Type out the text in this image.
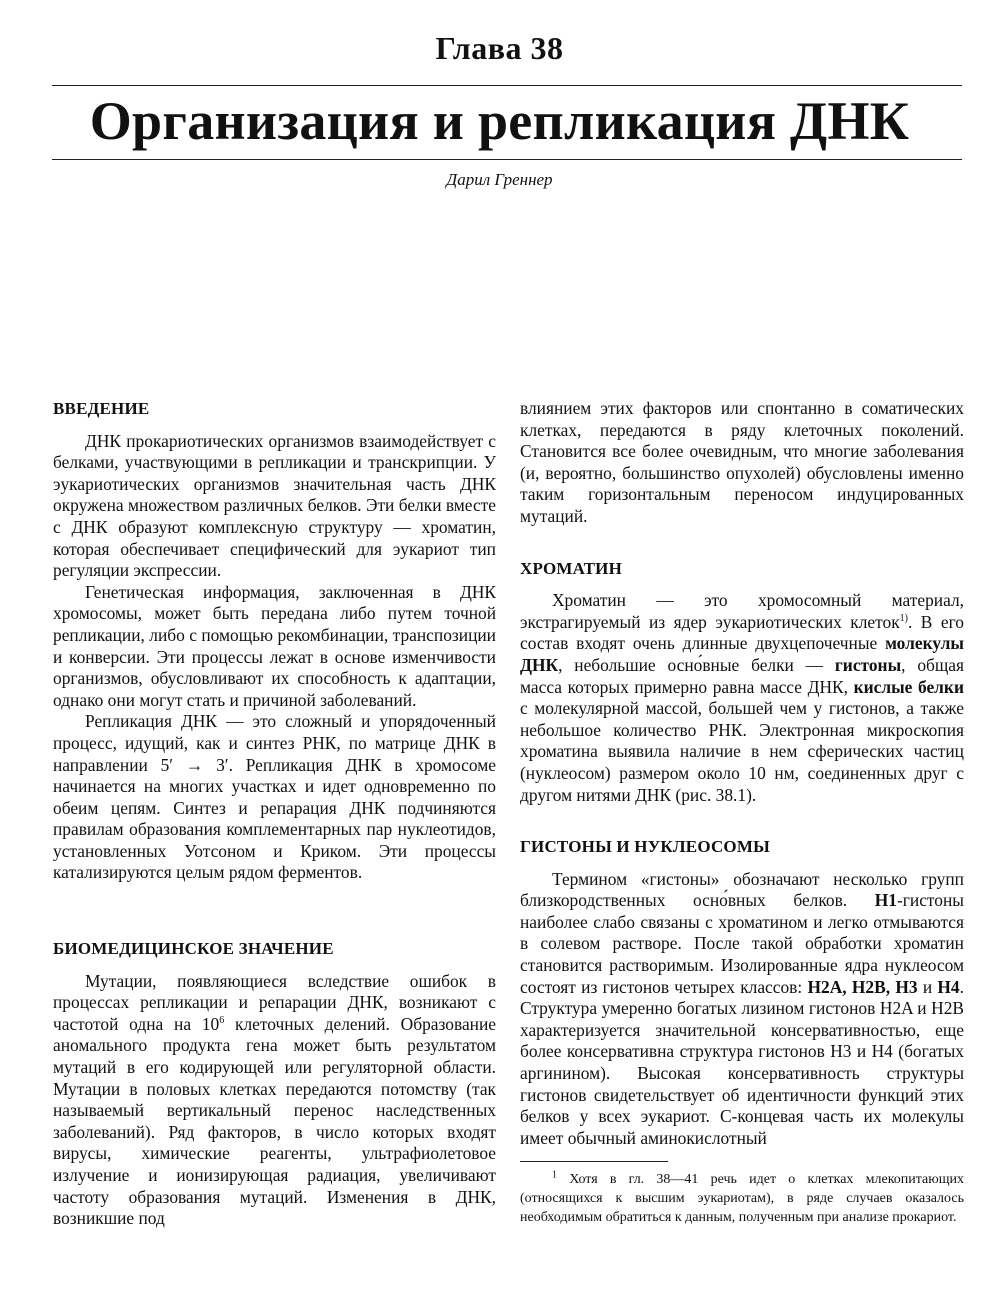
Глава 38
Организация и репликация ДНК
Дарил Греннер
ВВЕДЕНИЕ

ДНК прокариотических организмов взаимодействует с белками, участвующими в репликации и транскрипции. У эукариотических организмов значительная часть ДНК окружена множеством различных белков. Эти белки вместе с ДНК образуют комплексную структуру — хроматин, которая обеспечивает специфический для эукариот тип регуляции экспрессии.

Генетическая информация, заключенная в ДНК хромосомы, может быть передана либо путем точной репликации, либо с помощью рекомбинации, транспозиции и конверсии. Эти процессы лежат в основе изменчивости организмов, обусловливают их способность к адаптации, однако они могут стать и причиной заболеваний.

Репликация ДНК — это сложный и упорядоченный процесс, идущий, как и синтез РНК, по матрице ДНК в направлении 5′ → 3′. Репликация ДНК в хромосоме начинается на многих участках и идет одновременно по обеим цепям. Синтез и репарация ДНК подчиняются правилам образования комплементарных пар нуклеотидов, установленных Уотсоном и Криком. Эти процессы катализируются целым рядом ферментов.

БИОМЕДИЦИНСКОЕ ЗНАЧЕНИЕ

Мутации, появляющиеся вследствие ошибок в процессах репликации и репарации ДНК, возникают с частотой одна на $10^6$ клеточных делений. Образование аномального продукта гена может быть результатом мутаций в его кодирующей или регуляторной области. Мутации в половых клетках передаются потомству (так называемый вертикальный перенос наследственных заболеваний). Ряд факторов, в число которых входят вирусы, химические реагенты, ультрафиолетовое излучение и ионизирующая радиация, увеличивают частоту образования мутаций. Изменения в ДНК, возникшие под

влиянием этих факторов или спонтанно в соматических клетках, передаются в ряду клеточных поколений. Становится все более очевидным, что многие заболевания (и, вероятно, большинство опухолей) обусловлены именно таким горизонтальным переносом индуцированных мутаций.

ХРОМАТИН

Хроматин — это хромосомный материал, экстрагируемый из ядер эукариотических клеток$^{1)}$. В его состав входят очень длинные двухцепочечные молекулы ДНК, небольшие осно́вные белки — гистоны, общая масса которых примерно равна массе ДНК, кислые белки с молекулярной массой, большей чем у гистонов, а также небольшое количество РНК. Электронная микроскопия хроматина выявила наличие в нем сферических частиц (нуклеосом) размером около 10 нм, соединенных друг с другом нитями ДНК (рис. 38.1).

ГИСТОНЫ И НУКЛЕОСОМЫ

Термином «гистоны» обозначают несколько групп близкородственных осно́вных белков. H1-гистоны наиболее слабо связаны с хроматином и легко отмываются в солевом растворе. После такой обработки хроматин становится растворимым. Изолированные ядра нуклеосом состоят из гистонов четырех классов: H2A, H2B, H3 и H4. Структура умеренно богатых лизином гистонов H2A и H2B характеризуется значительной консервативностью, еще более консервативна структура гистонов H3 и H4 (богатых аргинином). Высокая консервативность структуры гистонов свидетельствует об идентичности функций этих белков у всех эукариот. С-концевая часть их молекулы имеет обычный аминокислотный

$^1$ Хотя в гл. 38—41 речь идет о клетках млекопитающих (относящихся к высшим эукариотам), в ряде случаев оказалось необходимым обратиться к данным, полученным при анализе прокариот.
